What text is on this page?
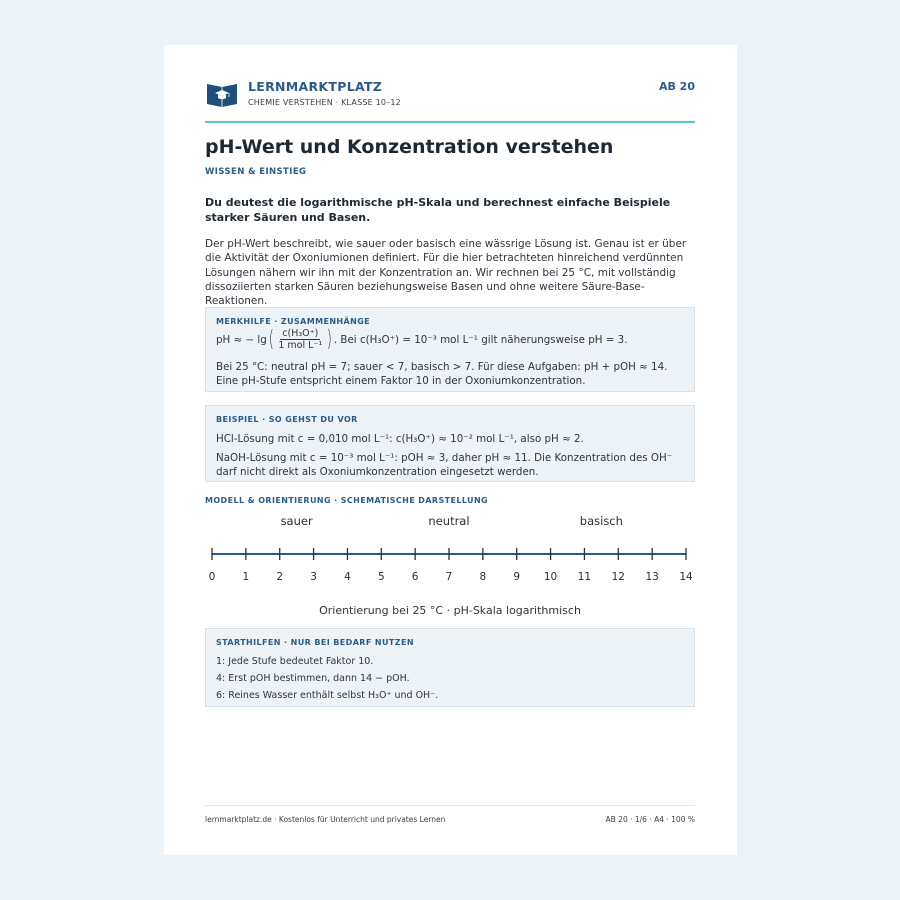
LERNMARKTPLATZ
CHEMIE VERSTEHEN · KLASSE 10–12
AB 20
pH-Wert und Konzentration verstehen
WISSEN & EINSTIEG
Du deutest die logarithmische pH-Skala und berechnest einfache Beispiele starker Säuren und Basen.
Der pH-Wert beschreibt, wie sauer oder basisch eine wässrige Lösung ist. Genau ist er über die Aktivität der Oxoniumionen definiert. Für die hier betrachteten hinreichend verdünnten Lösungen nähern wir ihn mit der Konzentration an. Wir rechnen bei 25 °C, mit vollständig dissoziierten starken Säuren beziehungsweise Basen und ohne weitere Säure-Base-Reaktionen.
MERKHILFE · ZUSAMMENHÄNGE
pH ≈ − lg ( $\frac{\text{c(H₃O⁺)}}{\text{1 mol L⁻¹}}$ ) . Bei c(H₃O⁺) = 10⁻³ mol L⁻¹ gilt näherungsweise pH = 3.
Bei 25 °C: neutral pH = 7; sauer < 7, basisch > 7. Für diese Aufgaben: pH + pOH ≈ 14. Eine pH-Stufe entspricht einem Faktor 10 in der Oxoniumkonzentration.
BEISPIEL · SO GEHST DU VOR
HCl-Lösung mit c = 0,010 mol L⁻¹: c(H₃O⁺) ≈ 10⁻² mol L⁻¹, also pH ≈ 2.
NaOH-Lösung mit c = 10⁻³ mol L⁻¹: pOH ≈ 3, daher pH ≈ 11. Die Konzentration des OH⁻ darf nicht direkt als Oxoniumkonzentration eingesetzt werden.
MODELL & ORIENTIERUNG · SCHEMATISCHE DARSTELLUNG
0	1	2	3	4	5	6	7	8	9 10 11 12 13 14
sauer	neutral	basisch
Orientierung bei 25 °C · pH-Skala logarithmisch
STARTHILFEN · NUR BEI BEDARF NUTZEN
1: Jede Stufe bedeutet Faktor 10.
4: Erst pOH bestimmen, dann 14 − pOH.
6: Reines Wasser enthält selbst H₃O⁺ und OH⁻.
lernmarktplatz.de · Kostenlos für Unterricht und privates Lernen	AB 20 · 1/6 · A4 · 100 %
